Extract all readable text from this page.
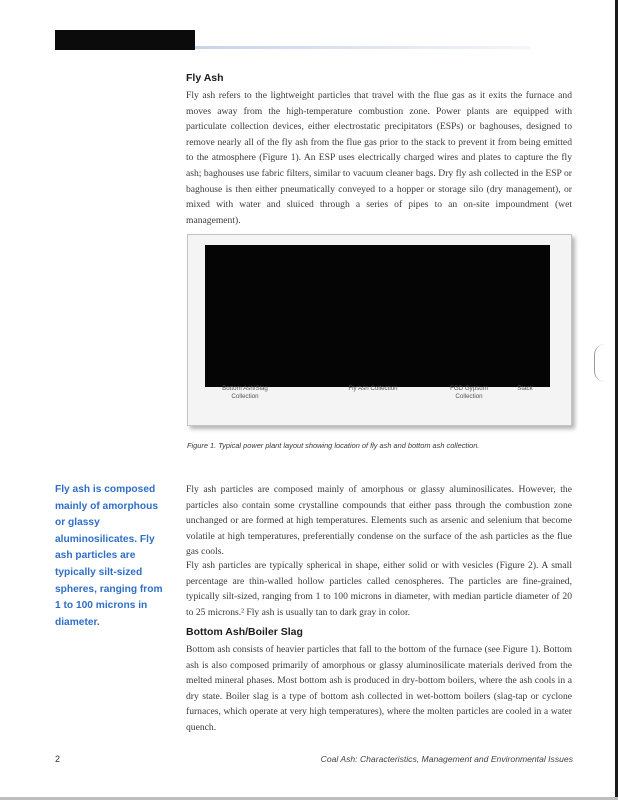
Fly Ash

Fly ash refers to the lightweight particles that travel with the flue gas as it exits the furnace and moves away from the high-temperature combustion zone. Power plants are equipped with particulate collection devices, either electrostatic precipitators (ESPs) or baghouses, designed to remove nearly all of the fly ash from the flue gas prior to the stack to prevent it from being emitted to the atmosphere (Figure 1). An ESP uses electrically charged wires and plates to capture the fly ash; baghouses use fabric filters, similar to vacuum cleaner bags. Dry fly ash collected in the ESP or baghouse is then either pneumatically conveyed to a hopper or storage silo (dry management), or mixed with water and sluiced through a series of pipes to an on-site impoundment (wet management).

Bottom Ash/Slag Collection

Fly Ash Collection	FGD Gypsum Collection

Stack

Figure 1. Typical power plant layout showing location of fly ash and bottom ash collection.

Fly ash is composed mainly of amorphous or glassy aluminosilicates. Fly ash particles are typically silt-sized spheres, ranging from 1 to 100 microns in diameter.

Fly ash particles are composed mainly of amorphous or glassy aluminosilicates. However, the particles also contain some crystalline compounds that either pass through the combustion zone unchanged or are formed at high temperatures. Elements such as arsenic and selenium that become volatile at high temperatures, preferentially condense on the surface of the ash particles as the flue gas cools.

Fly ash particles are typically spherical in shape, either solid or with vesicles (Figure 2). A small percentage are thin-walled hollow particles called cenospheres. The particles are fine-grained, typically silt-sized, ranging from 1 to 100 microns in diameter, with median particle diameter of 20 to 25 microns.² Fly ash is usually tan to dark gray in color.

Bottom Ash/Boiler Slag

Bottom ash consists of heavier particles that fall to the bottom of the furnace (see Figure 1). Bottom ash is also composed primarily of amorphous or glassy aluminosilicate materials derived from the melted mineral phases. Most bottom ash is produced in dry-bottom boilers, where the ash cools in a dry state. Boiler slag is a type of bottom ash collected in wet-bottom boilers (slag-tap or cyclone furnaces, which operate at very high temperatures), where the molten particles are cooled in a water quench.

2	Coal Ash: Characteristics, Management and Environmental Issues
